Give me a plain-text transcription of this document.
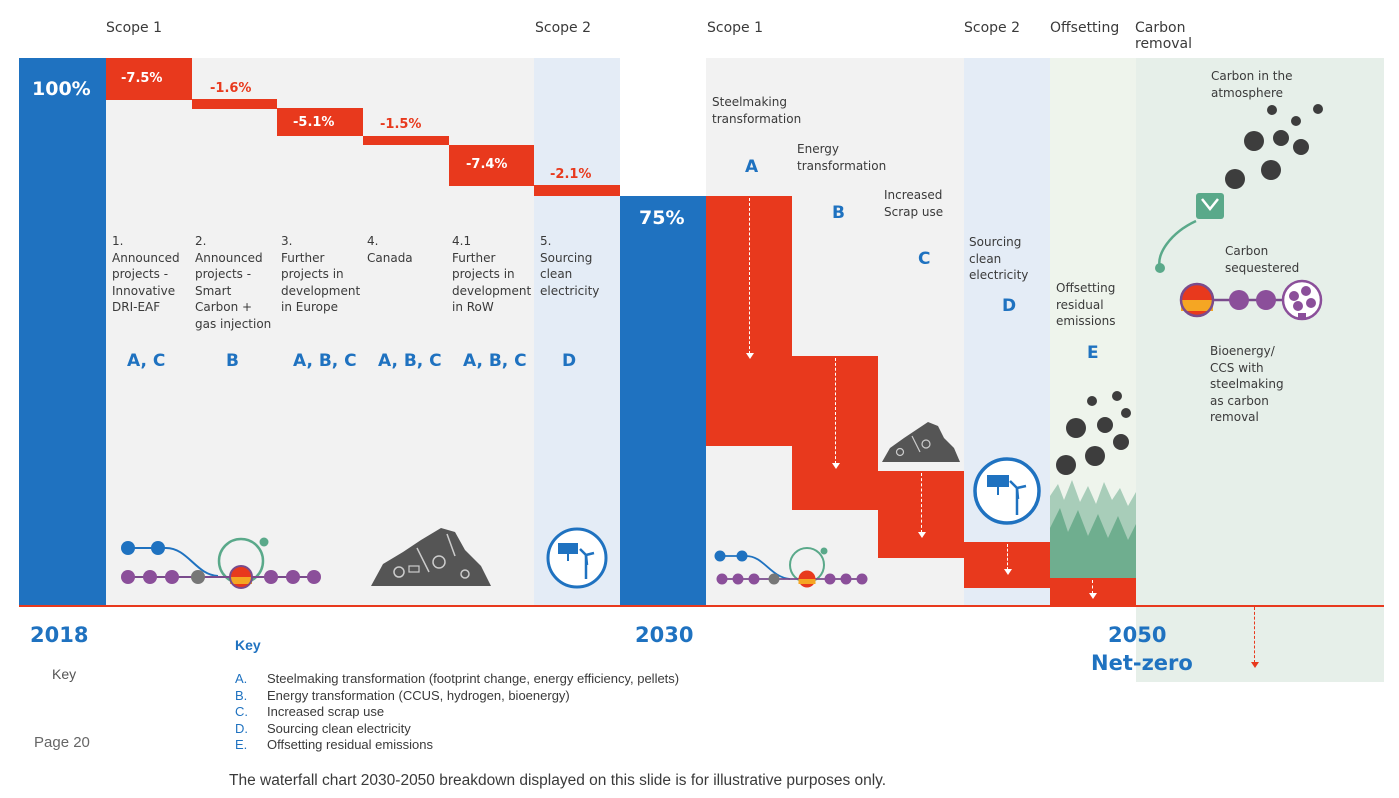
Scope 1	Scope 2	Scope 1	Scope 2 Offsetting Carbon
removal
100%
75%
-7.5%
-1.6%
-5.1%	-1.5%
-7.4%
-2.1%
1.
Announced
projects -
Innovative
DRI-EAF
2.
Announced
projects -
Smart
Carbon +
gas injection
3.
Further
projects in
development
in Europe
4.
Canada
4.1
Further
projects in
development
in RoW
5.
Sourcing
clean
electricity
A, C	B	A, B, C A, B, C A, B, C D
Steelmaking
transformation
A
Energy
transformation
B
Increased
Scrap use
C
Sourcing
clean
electricity
D
Offsetting
residual
emissions
E
Carbon in the
atmosphere
Carbon
sequestered
Bioenergy/
CCS with
steelmaking
as carbon
removal
2018	2030	2050
Net-zero
Key
Key
A. Steelmaking transformation (footprint change, energy efficiency, pellets)
B. Energy transformation (CCUS, hydrogen, bioenergy)
C. Increased scrap use
D. Sourcing clean electricity
E. Offsetting residual emissions
Page 20
The waterfall chart 2030-2050 breakdown displayed on this slide is for illustrative purposes only.
